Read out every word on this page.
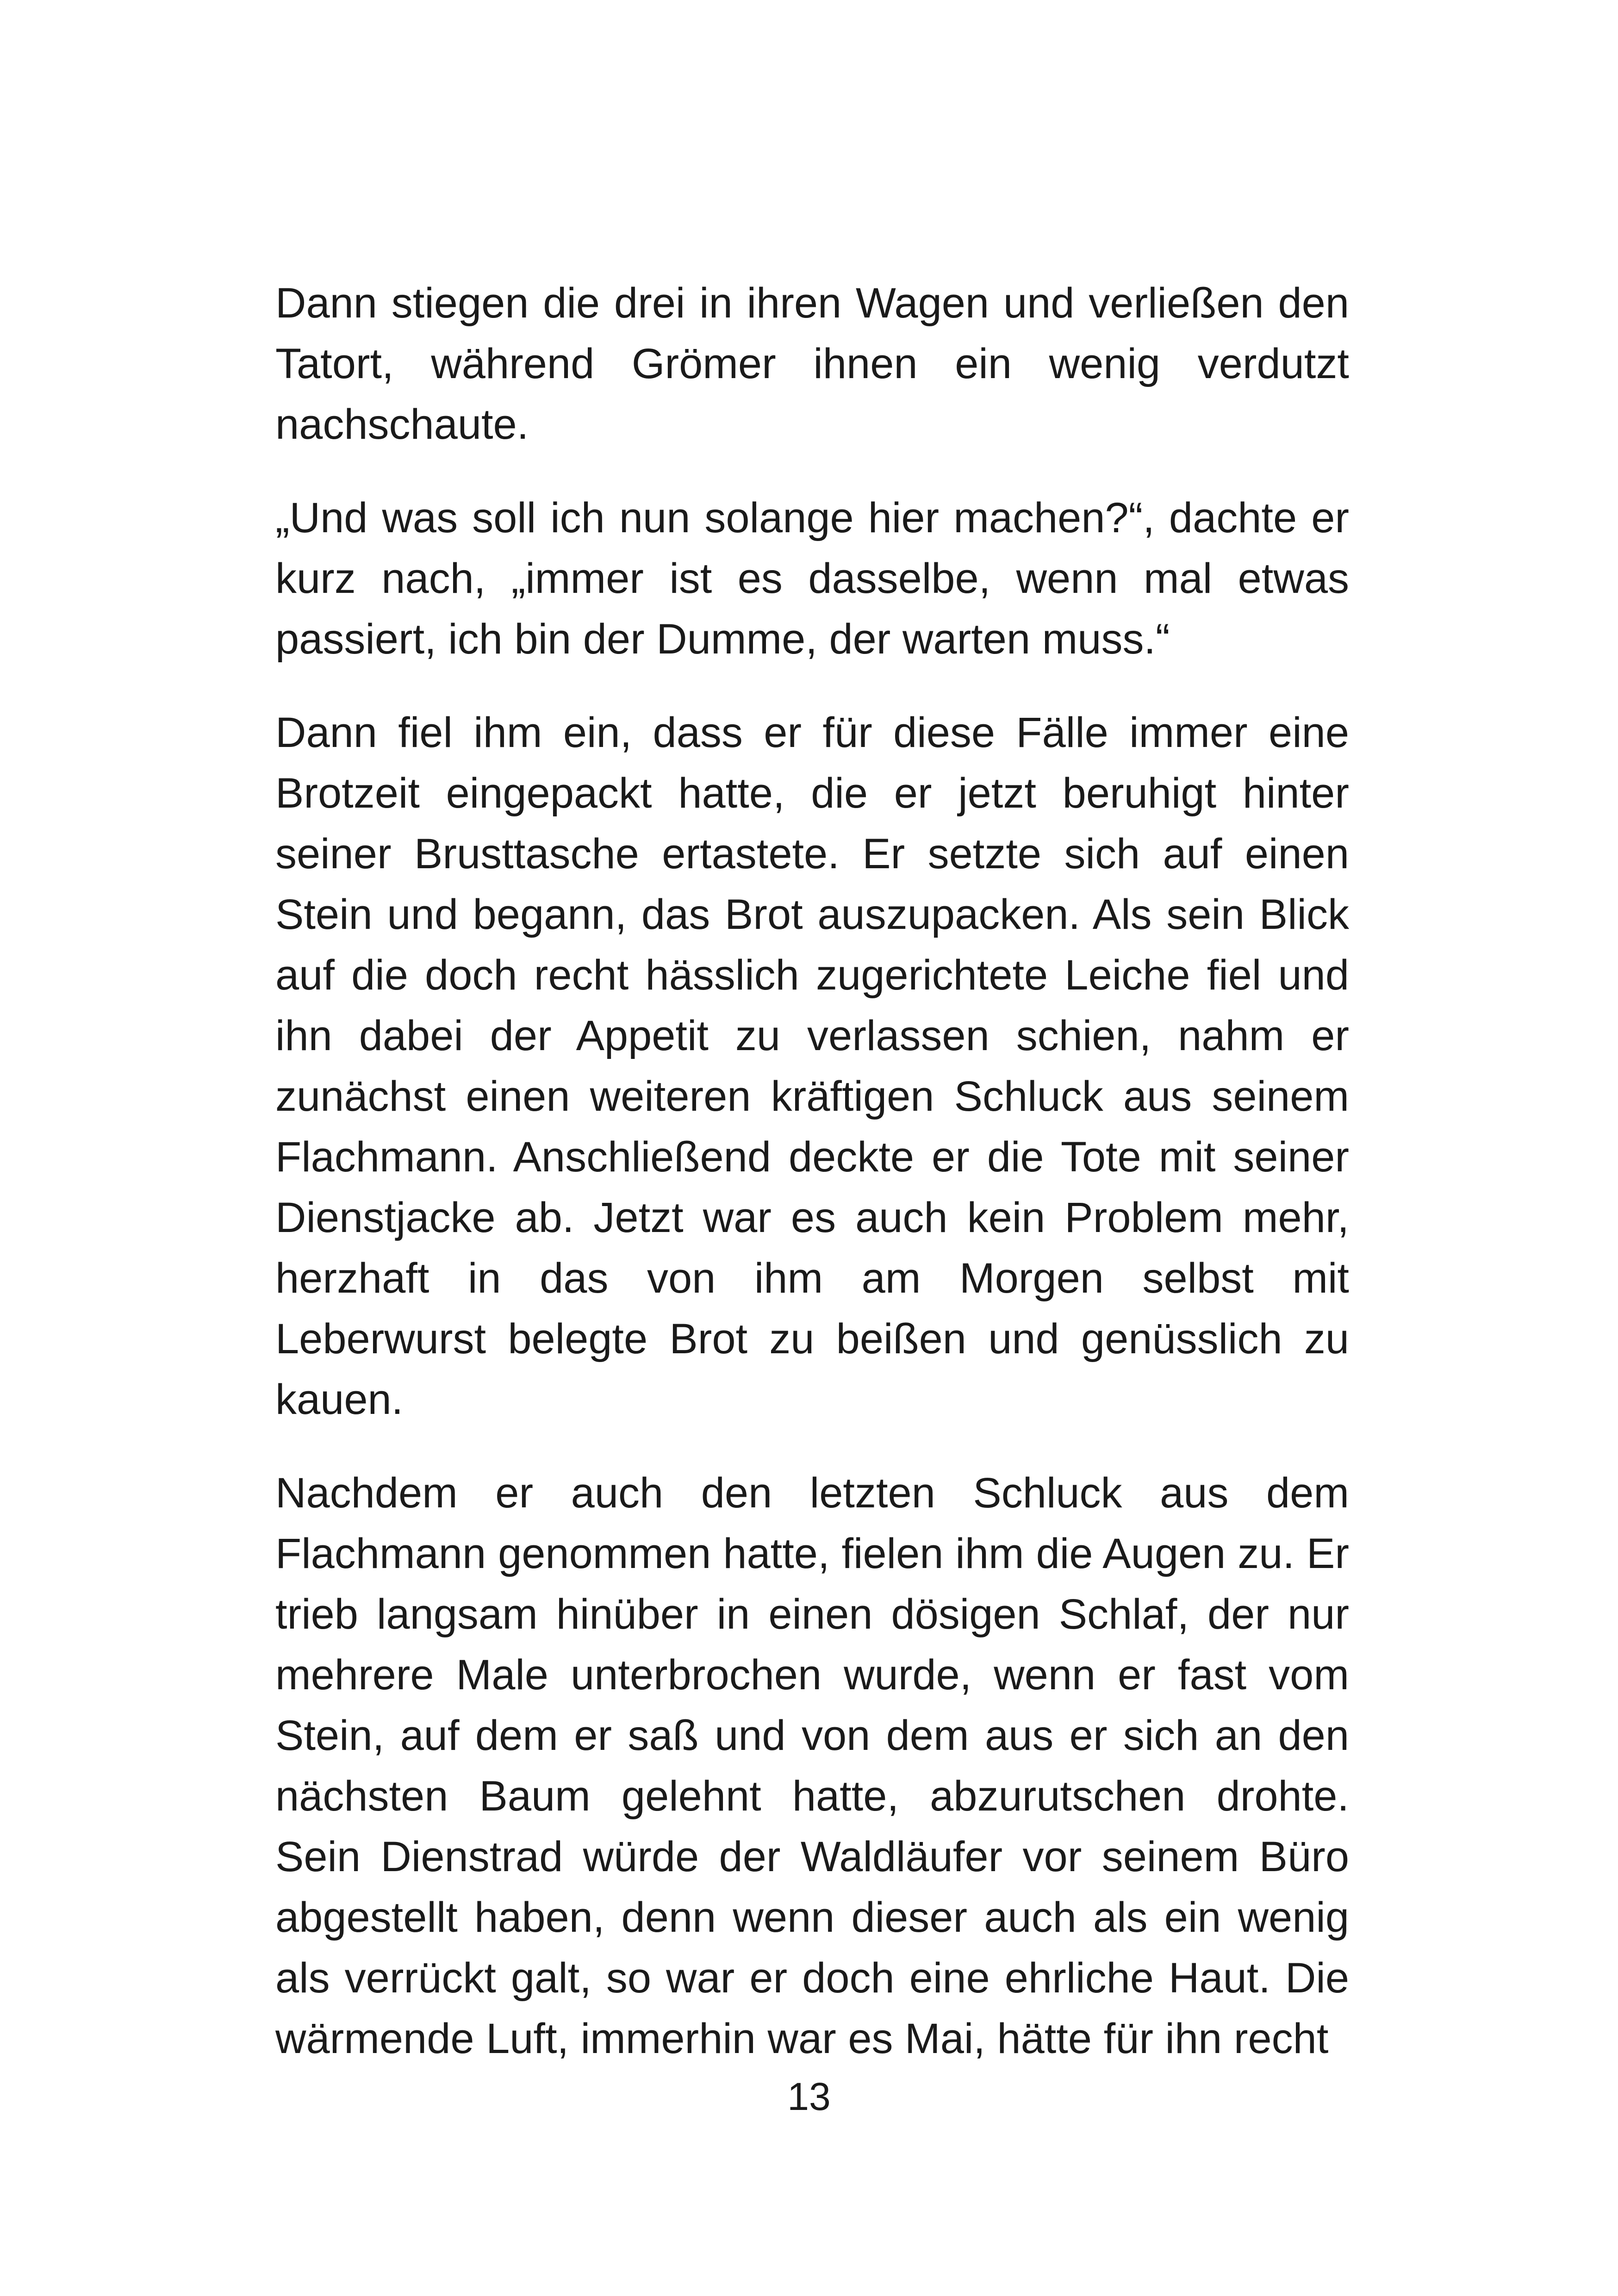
Dann stiegen die drei in ihren Wagen und verließen den Tatort, während Grömer ihnen ein wenig verdutzt nachschaute.

„Und was soll ich nun solange hier machen?“, dachte er kurz nach, „immer ist es dasselbe, wenn mal etwas passiert, ich bin der Dumme, der warten muss.“

Dann fiel ihm ein, dass er für diese Fälle immer eine Brotzeit eingepackt hatte, die er jetzt beruhigt hinter seiner Brusttasche ertastete. Er setzte sich auf einen Stein und begann, das Brot auszupacken. Als sein Blick auf die doch recht hässlich zugerichtete Leiche fiel und ihn dabei der Appetit zu verlassen schien, nahm er zunächst einen weiteren kräftigen Schluck aus seinem Flachmann. Anschließend deckte er die Tote mit seiner Dienstjacke ab. Jetzt war es auch kein Problem mehr, herzhaft in das von ihm am Morgen selbst mit Leberwurst belegte Brot zu beißen und genüsslich zu kauen.

Nachdem er auch den letzten Schluck aus dem Flachmann genommen hatte, fielen ihm die Augen zu. Er trieb langsam hinüber in einen dösigen Schlaf, der nur mehrere Male unterbrochen wurde, wenn er fast vom Stein, auf dem er saß und von dem aus er sich an den nächsten Baum gelehnt hatte, abzurutschen drohte. Sein Dienstrad würde der Waldläufer vor seinem Büro abgestellt haben, denn wenn dieser auch als ein wenig als verrückt galt, so war er doch eine ehrliche Haut. Die wärmende Luft, immerhin war es Mai, hätte für ihn recht

13
